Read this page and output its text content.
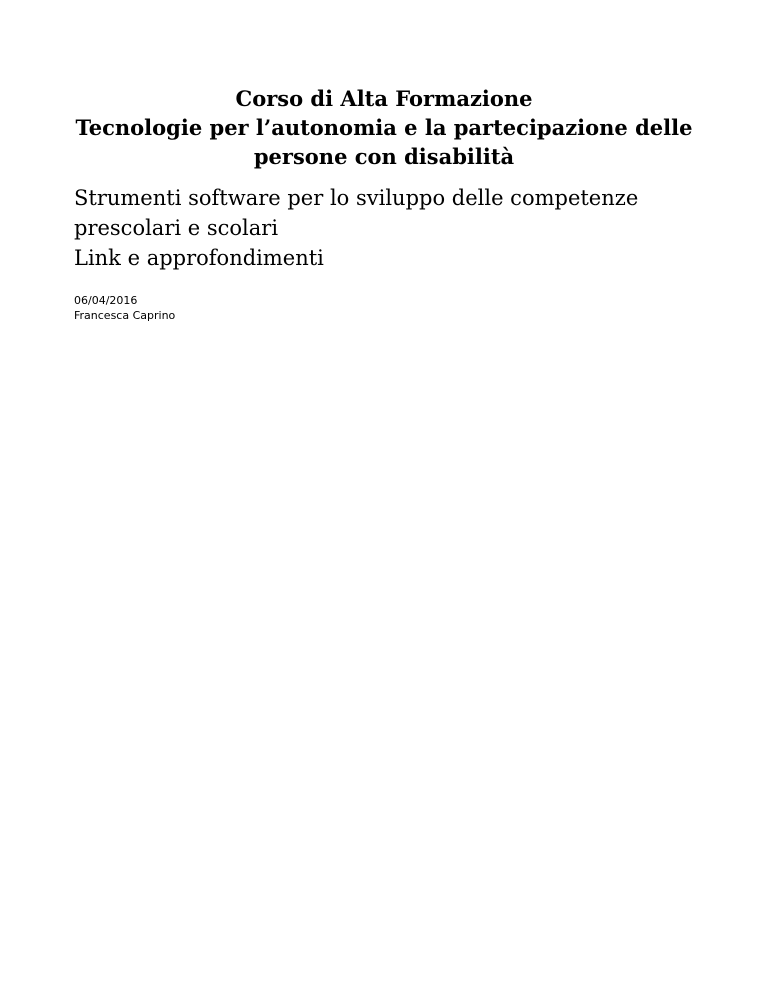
Corso di Alta Formazione
Tecnologie per l’autonomia e la partecipazione delle
persone con disabilità
Strumenti software per lo sviluppo delle competenze
prescolari e scolari
Link e approfondimenti
06/04/2016
Francesca Caprino
